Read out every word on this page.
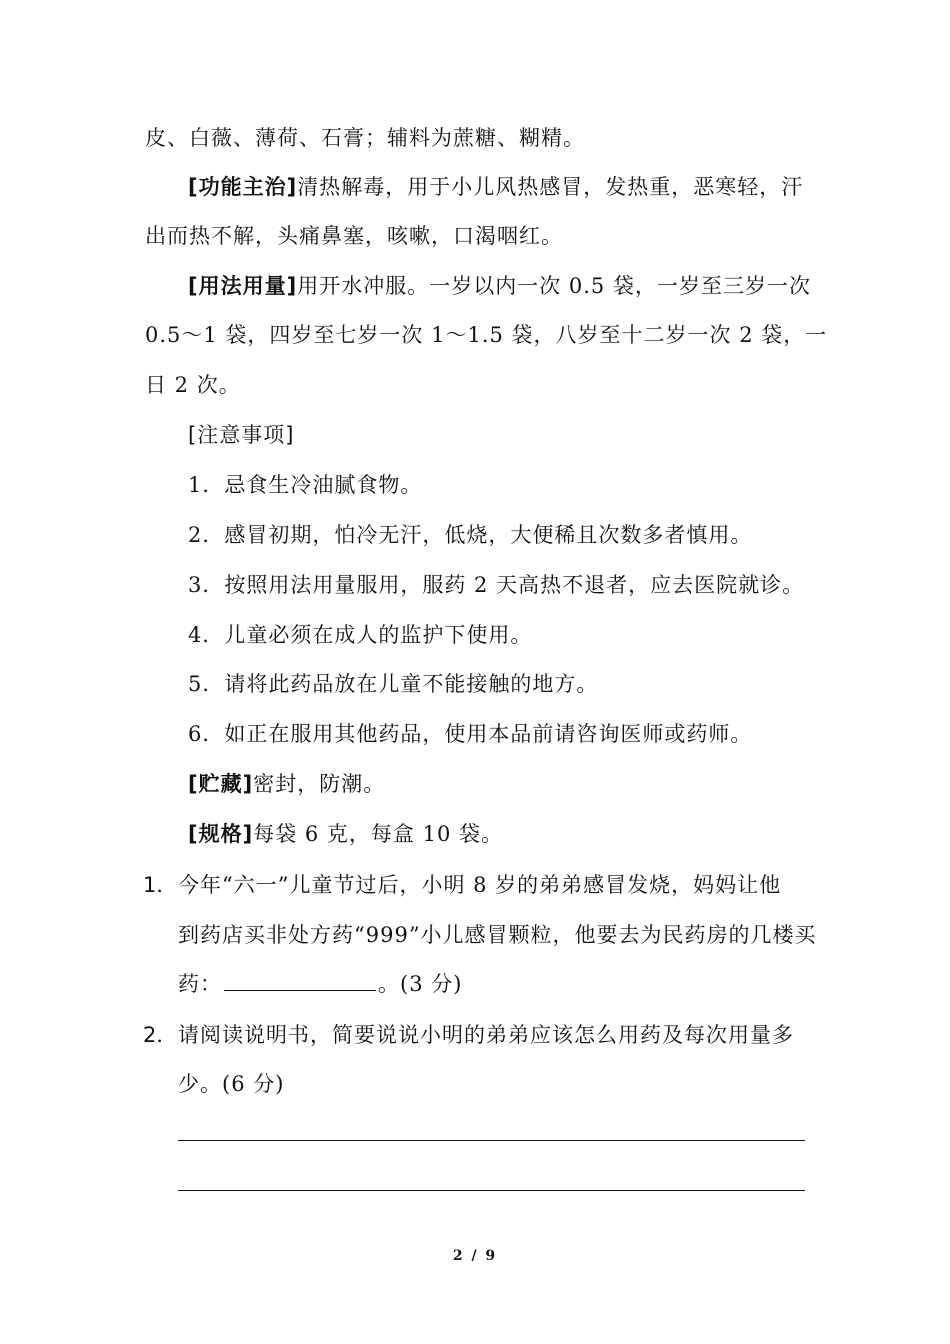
皮、白薇、薄荷、石膏；辅料为蔗糖、糊精。
[功能主治]清热解毒，用于小儿风热感冒，发热重，恶寒轻，汗
出而热不解，头痛鼻塞，咳嗽，口渴咽红。
[用法用量]用开水冲服。一岁以内一次 0.5 袋，一岁至三岁一次
0.5～1 袋，四岁至七岁一次 1～1.5 袋，八岁至十二岁一次 2 袋，一
日 2 次。
[注意事项]
1．忌食生冷油腻食物。
2．感冒初期，怕冷无汗，低烧，大便稀且次数多者慎用。
3．按照用法用量服用，服药 2 天高热不退者，应去医院就诊。
4．儿童必须在成人的监护下使用。
5．请将此药品放在儿童不能接触的地方。
6．如正在服用其他药品，使用本品前请咨询医师或药师。
[贮藏]密封，防潮。
[规格]每袋 6 克，每盒 10 袋。
1． 今年“六一”儿童节过后，小明 8 岁的弟弟感冒发烧，妈妈让他
到药店买非处方药“999”小儿感冒颗粒，他要去为民药房的几楼买
药：	。(3 分)
2． 请阅读说明书，简要说说小明的弟弟应该怎么用药及每次用量多
少。(6 分)
2 / 9
